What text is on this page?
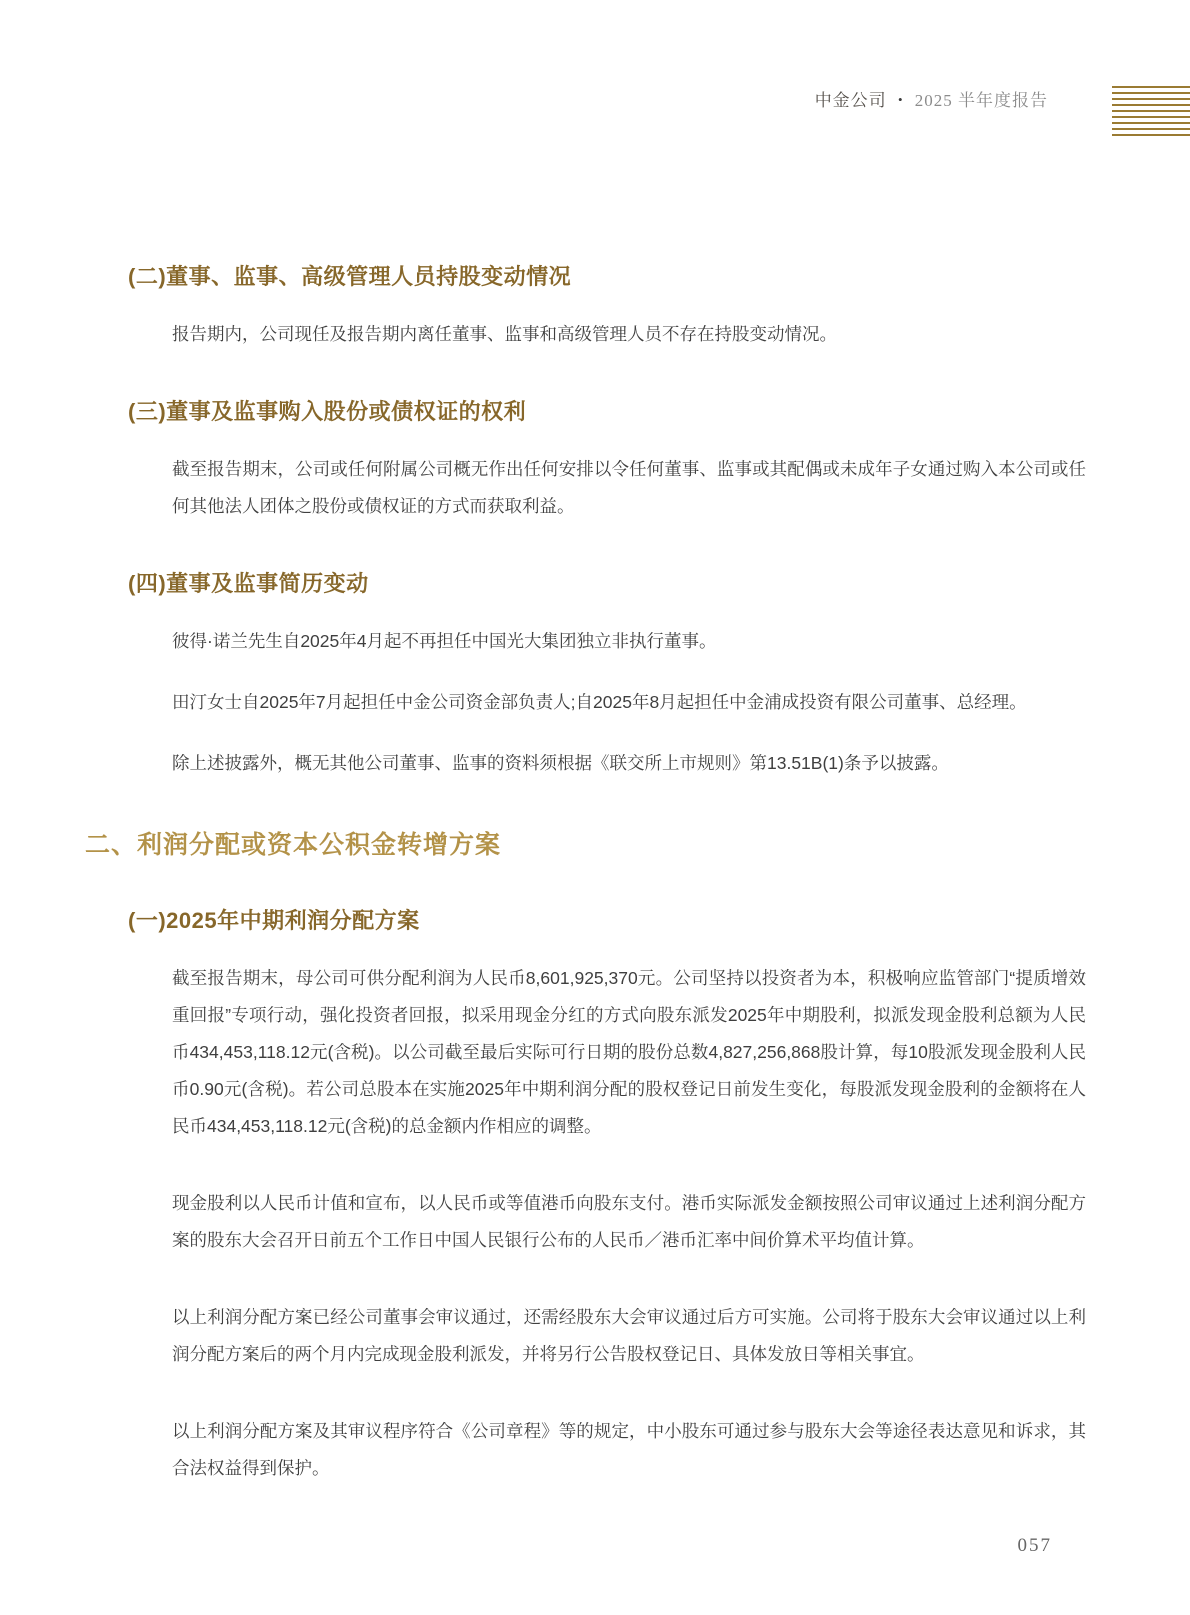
中金公司 • 2025 半年度报告
(二)董事、监事、高级管理人员持股变动情况

报告期内，公司现任及报告期内离任董事、监事和高级管理人员不存在持股变动情况。

(三)董事及监事购入股份或债权证的权利

截至报告期末，公司或任何附属公司概无作出任何安排以令任何董事、监事或其配偶或未成年子女通过购入本公司或任何其他法人团体之股份或债权证的方式而获取利益。

(四)董事及监事简历变动

彼得·诺兰先生自2025年4月起不再担任中国光大集团独立非执行董事。

田汀女士自2025年7月起担任中金公司资金部负责人;自2025年8月起担任中金浦成投资有限公司董事、总经理。

除上述披露外，概无其他公司董事、监事的资料须根据《联交所上市规则》第13.51B(1)条予以披露。

二、利润分配或资本公积金转增方案
(一)2025年中期利润分配方案

截至报告期末，母公司可供分配利润为人民币8,601,925,370元。公司坚持以投资者为本，积极响应监管部门“提质增效重回报”专项行动，强化投资者回报，拟采用现金分红的方式向股东派发2025年中期股利，拟派发现金股利总额为人民币434,453,118.12元(含税)。以公司截至最后实际可行日期的股份总数4,827,256,868股计算，每10股派发现金股利人民币0.90元(含税)。若公司总股本在实施2025年中期利润分配的股权登记日前发生变化，每股派发现金股利的金额将在人民币434,453,118.12元(含税)的总金额内作相应的调整。

现金股利以人民币计值和宣布，以人民币或等值港币向股东支付。港币实际派发金额按照公司审议通过上述利润分配方案的股东大会召开日前五个工作日中国人民银行公布的人民币／港币汇率中间价算术平均值计算。

以上利润分配方案已经公司董事会审议通过，还需经股东大会审议通过后方可实施。公司将于股东大会审议通过以上利润分配方案后的两个月内完成现金股利派发，并将另行公告股权登记日、具体发放日等相关事宜。

以上利润分配方案及其审议程序符合《公司章程》等的规定，中小股东可通过参与股东大会等途径表达意见和诉求，其合法权益得到保护。

057
